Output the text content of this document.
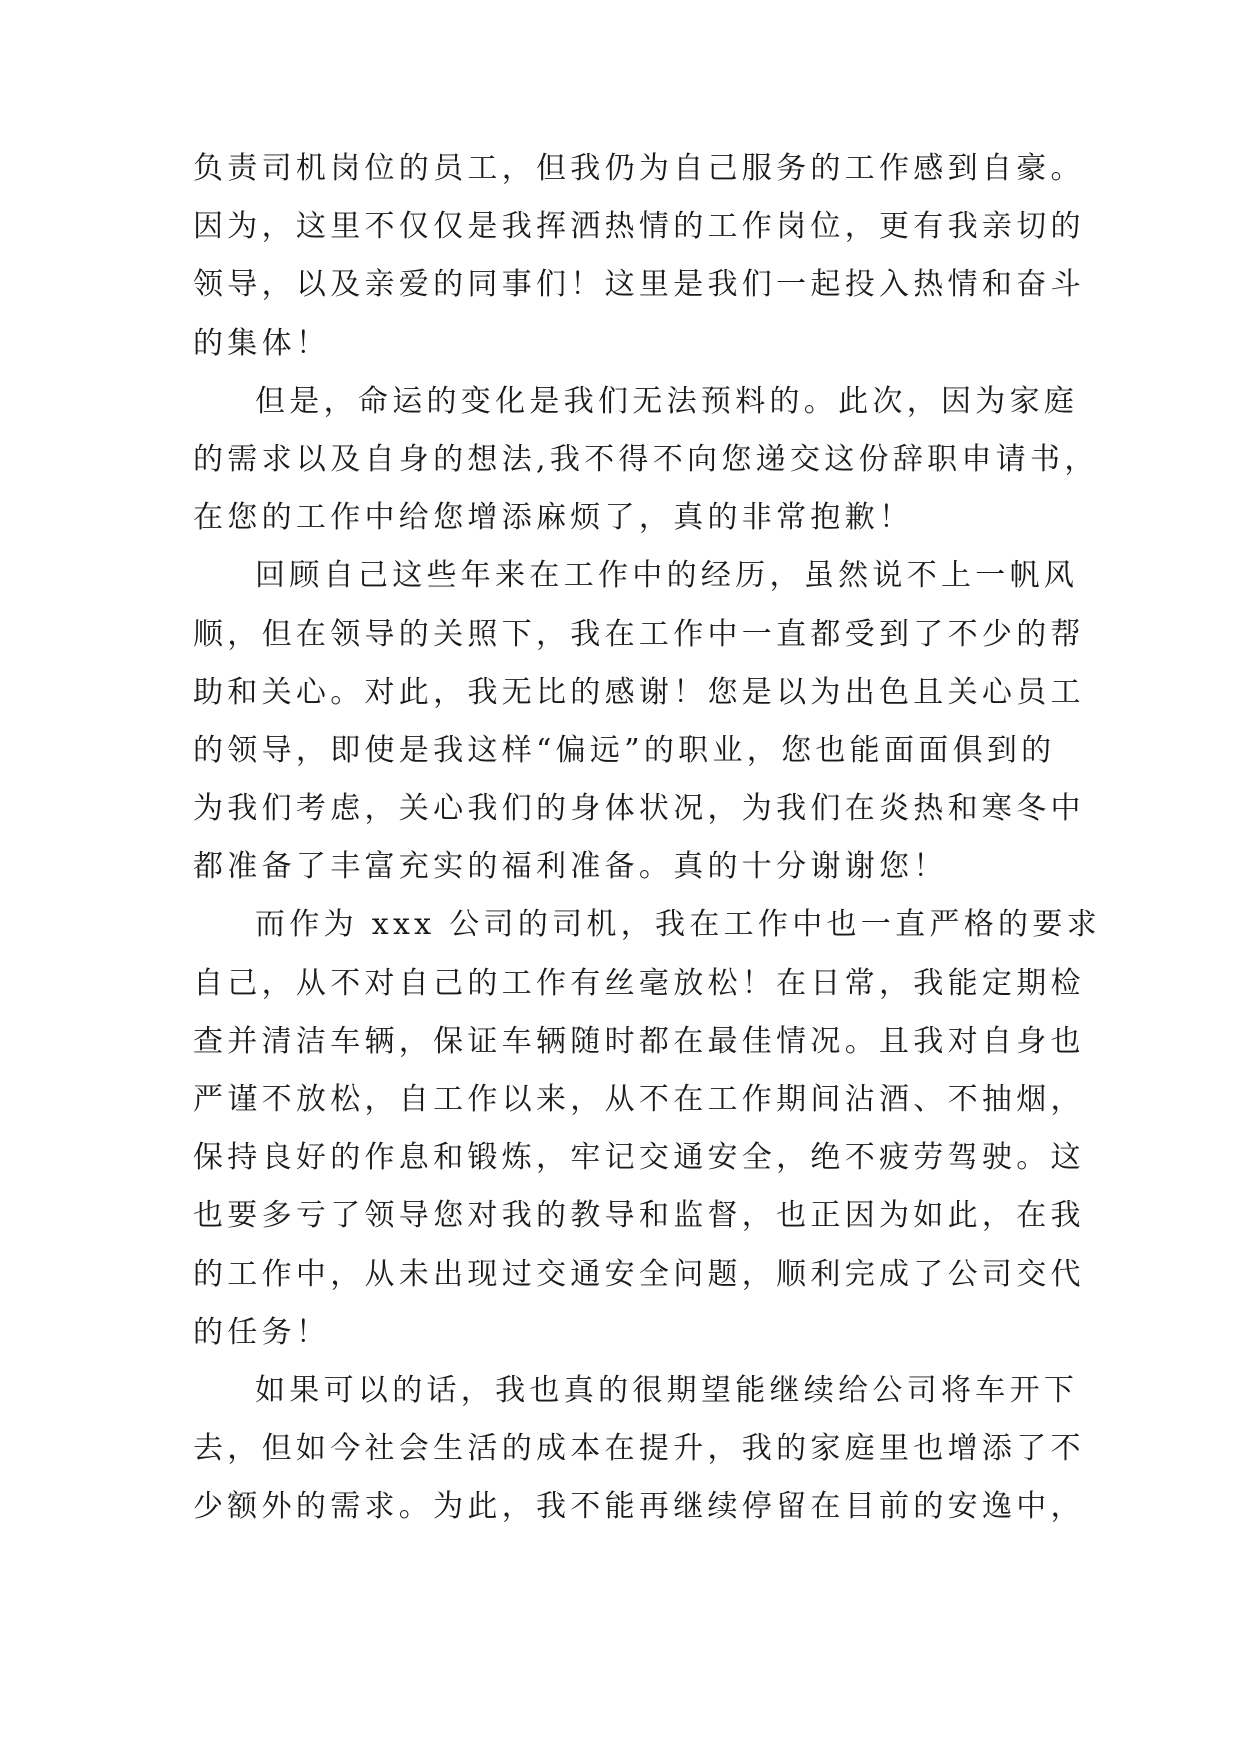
负责司机岗位的员工，但我仍为自己服务的工作感到自豪。
因为，这里不仅仅是我挥洒热情的工作岗位，更有我亲切的
领导，以及亲爱的同事们！这里是我们一起投入热情和奋斗
的集体！
但是，命运的变化是我们无法预料的。此次，因为家庭
的需求以及自身的想法,我不得不向您递交这份辞职申请书，
在您的工作中给您增添麻烦了，真的非常抱歉！
回顾自己这些年来在工作中的经历，虽然说不上一帆风
顺，但在领导的关照下，我在工作中一直都受到了不少的帮
助和关心。对此，我无比的感谢！您是以为出色且关心员工
的领导，即使是我这样“偏远”的职业，您也能面面俱到的
为我们考虑，关心我们的身体状况，为我们在炎热和寒冬中
都准备了丰富充实的福利准备。真的十分谢谢您！
而作为 xxx 公司的司机，我在工作中也一直严格的要求
自己，从不对自己的工作有丝毫放松！在日常，我能定期检
查并清洁车辆，保证车辆随时都在最佳情况。且我对自身也
严谨不放松，自工作以来，从不在工作期间沾酒、不抽烟，
保持良好的作息和锻炼，牢记交通安全，绝不疲劳驾驶。这
也要多亏了领导您对我的教导和监督，也正因为如此，在我
的工作中，从未出现过交通安全问题，顺利完成了公司交代
的任务！
如果可以的话，我也真的很期望能继续给公司将车开下
去，但如今社会生活的成本在提升，我的家庭里也增添了不
少额外的需求。为此，我不能再继续停留在目前的安逸中，
